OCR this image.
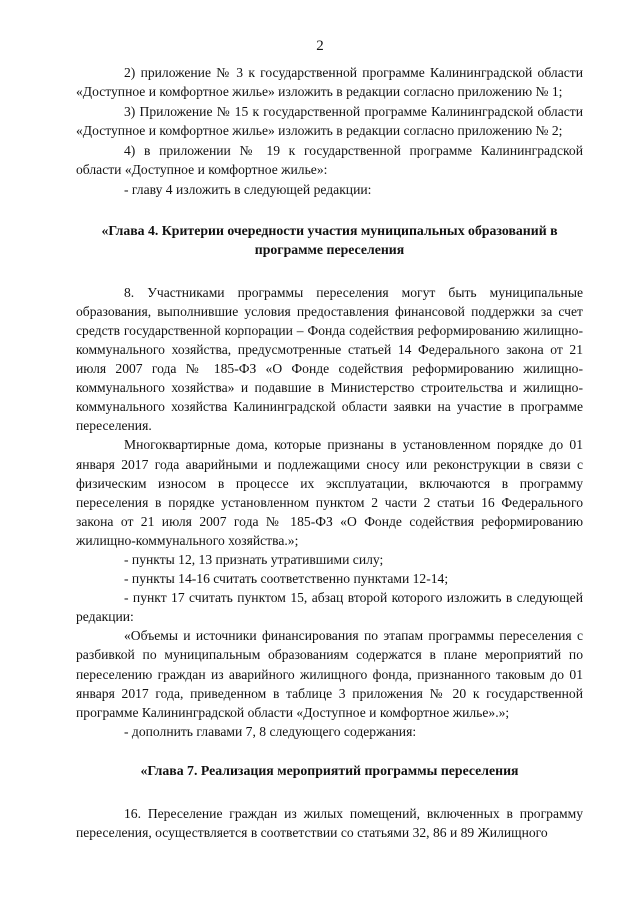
2

2) приложение № 3 к государственной программе Калининградской области «Доступное и комфортное жилье» изложить в редакции согласно приложению № 1;

3) Приложение № 15 к государственной программе Калининградской области «Доступное и комфортное жилье» изложить в редакции согласно приложению № 2;

4) в приложении № 19 к государственной программе Калининградской области «Доступное и комфортное жилье»:

- главу 4 изложить в следующей редакции:

«Глава 4. Критерии очередности участия муниципальных образований в программе переселения

8. Участниками программы переселения могут быть муниципальные образования, выполнившие условия предоставления финансовой поддержки за счет средств государственной корпорации – Фонда содействия реформированию жилищно-коммунального хозяйства, предусмотренные статьей 14 Федерального закона от 21 июля 2007 года № 185-ФЗ «О Фонде содействия реформированию жилищно-коммунального хозяйства» и подавшие в Министерство строительства и жилищно-коммунального хозяйства Калининградской области заявки на участие в программе переселения.

Многоквартирные дома, которые признаны в установленном порядке до 01 января 2017 года аварийными и подлежащими сносу или реконструкции в связи с физическим износом в процессе их эксплуатации, включаются в программу переселения в порядке установленном пунктом 2 части 2 статьи 16 Федерального закона от 21 июля 2007 года № 185-ФЗ «О Фонде содействия реформированию жилищно-коммунального хозяйства.»;

- пункты 12, 13 признать утратившими силу;

- пункты 14-16 считать соответственно пунктами 12-14;

- пункт 17 считать пунктом 15, абзац второй которого изложить в следующей редакции:

«Объемы и источники финансирования по этапам программы переселения с разбивкой по муниципальным образованиям содержатся в плане мероприятий по переселению граждан из аварийного жилищного фонда, признанного таковым до 01 января 2017 года, приведенном в таблице 3 приложения № 20 к государственной программе Калининградской области «Доступное и комфортное жилье».»;

- дополнить главами 7, 8 следующего содержания:

«Глава 7. Реализация мероприятий программы переселения

16. Переселение граждан из жилых помещений, включенных в программу переселения, осуществляется в соответствии со статьями 32, 86 и 89 Жилищного
